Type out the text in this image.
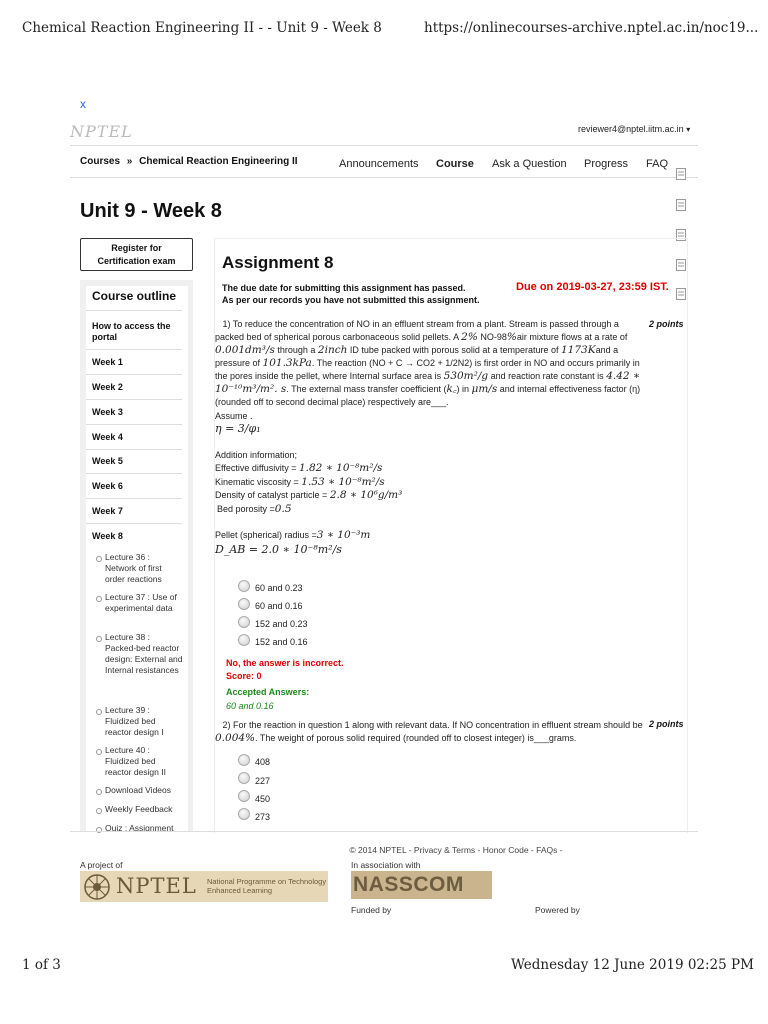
Chemical Reaction Engineering II - - Unit 9 - Week 8	https://onlinecourses-archive.nptel.ac.in/noc19...
x
NPTEL	reviewer4@nptel.iitm.ac.in ▾
Courses » Chemical Reaction Engineering II	Announcements Course Ask a Question Progress FAQ
Unit 9 - Week 8
Register for Certification exam
Course outline
How to access the portal
Week 1
Week 2
Week 3
Week 4
Week 5
Week 6
Week 7
Week 8
Lecture 36 : Network of first order reactions
Lecture 37 : Use of experimental data
Lecture 38 : Packed-bed reactor design: External and Internal resistances
Lecture 39 : Fluidized bed reactor design I
Lecture 40 : Fluidized bed reactor design II
Download Videos
Weekly Feedback
Quiz : Assignment
Assignment 8
The due date for submitting this assignment has passed.
As per our records you have not submitted this assignment.
Due on 2019-03-27, 23:59 IST.
1) To reduce the concentration of NO in an effluent stream from a plant. Stream is passed through a packed bed of spherical porous carbonaceous solid pellets. A 2% NO-98%air mixture flows at a rate of 0.001dm³/s through a 2inch ID tube packed with porous solid at a temperature of 1173Kand a pressure of 101.3kPa. The reaction (NO + C → CO2 + 1/2N2) is first order in NO and occurs primarily in the pores inside the pellet, where Internal surface area is 530m²/g and reaction rate constant is 4.42 ∗ 10⁻¹⁰m³/m². s. The external mass transfer coefficient (k꜀) in μm/s and internal effectiveness factor (η) (rounded off to second decimal place) respectively are___.
2 points
Assume .
η = 3/φ₁
Addition information;
Effective diffusivity = 1.82 ∗ 10⁻⁸m²/s
Kinematic viscosity = 1.53 ∗ 10⁻⁸m²/s
Density of catalyst particle = 2.8 ∗ 10⁶g/m³
Bed porosity =0.5
Pellet (spherical) radius =3 ∗ 10⁻³m
D_AB = 2.0 ∗ 10⁻⁸m²/s
60 and 0.23
60 and 0.16
152 and 0.23
152 and 0.16
No, the answer is incorrect.
Score: 0
Accepted Answers:
60 and 0.16
2) For the reaction in question 1 along with relevant data. If NO concentration in effluent stream should be 0.004%. The weight of porous solid required (rounded off to closest integer) is___grams.
2 points
408
227
450
273
© 2014 NPTEL - Privacy & Terms - Honor Code - FAQs -
A project of	In association with
NPTEL National Programme on Technology Enhanced Learning	NASSCOM
Funded by	Powered by
1 of 3	Wednesday 12 June 2019 02:25 PM
